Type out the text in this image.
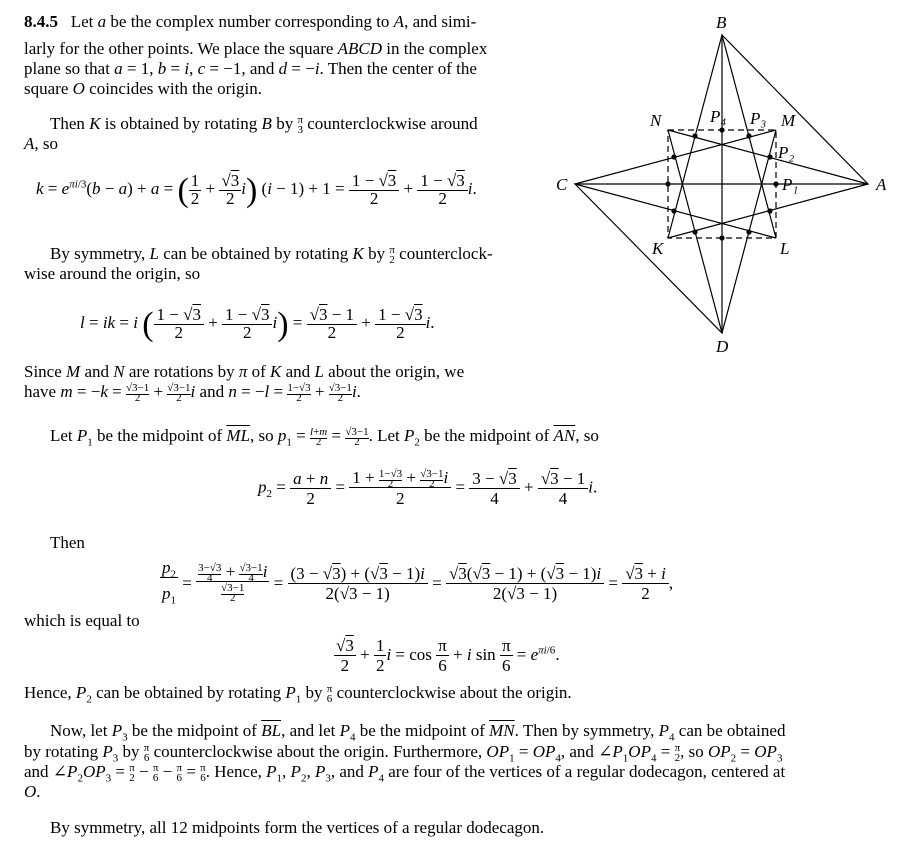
8.4.5   Let a be the complex number corresponding to A, and simi-
larly for the other points. We place the square ABCD in the complex
plane so that a = 1, b = i, c = −1, and d = −i. Then the center of the
square O coincides with the origin.
Then K is obtained by rotating B by π
3 counterclockwise around
A, so
$k = e^{\pi i/3}(b - a) + a$ = ( 1
2 + √3
2i) (i − 1) + 1 = 1 − √3
2 + 1 − √3
2i.
By symmetry, L can be obtained by rotating K by π
2 counterclock-
wise around the origin, so
l = ik = i ( 1 − √3
2 + 1 − √3
2i) = √3 − 1
2 + 1 − √3
2i.
Since M and N are rotations by π of K and L about the origin, we
have m = −k = √3−1
2 + √3−1
2 i and n = −l = 1−√3
2 + √3−1
2 i.
Let $P_1$ be the midpoint of $\overline{ML}$, so $p_1 = l+m$
2 = √3−1
2 . Let $P_2$ be the midpoint of $\overline{AN}$, so
$p_2 = a + n$
2 = 1 + 1−√3
2 + √3−1
2 i
2 = 3 − √3
4 + √3 − 1
4i.
Then
$p_2$
$p_1 = 3-√3$
4 + √3−1
4 i
√3−1
2 = (3 − √3) + (√3 − 1)i
2(√3 − 1) = √3(√3 − 1) + (√3 − 1)i
2(√3 − 1) = √3 + i
2,
which is equal to
√3
2 + 1
2i = cos π
6 + i sin π
$6 = e^{\pi i/6}$.
Hence, $P_2$ can be obtained by rotating $P_1$ by π
6 counterclockwise about the origin.
Now, let $P_3$ be the midpoint of $\overline{BL}$, and let $P_4$ be the midpoint of $\overline{MN}$. Then by symmetry, $P_4$ can be obtained
by rotating $P_3$ by π
6 counterclockwise about the origin. Furthermore, $OP_1 = OP_4$, and $\angle P_1OP_4 = \pi$
2, so $OP_2 = OP_3$
and $\angle P_2OP_3 = \pi$
2 − π
6 − π
6 = π
6. Hence, $P_1$, $P_2$, $P_3$, and $P_4$ are four of the vertices of a regular dodecagon, centered at
O.
By symmetry, all 12 midpoints form the vertices of a regular dodecagon.
B
A
C
D
N	M
K	L
P₄ P₃
P₂
P₁
